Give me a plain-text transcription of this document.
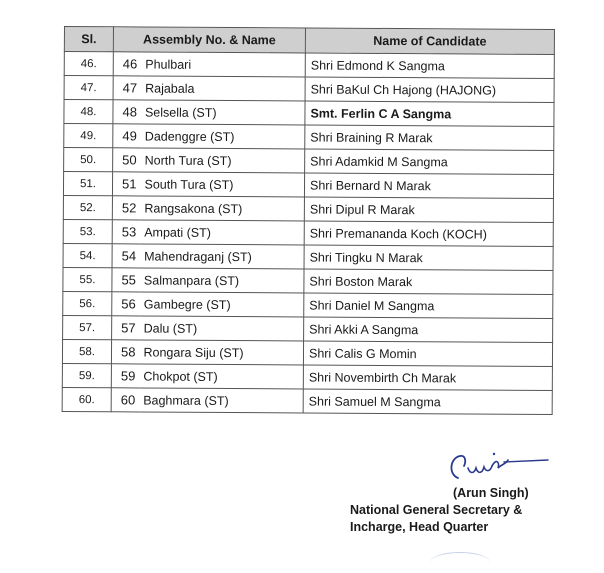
Sl.	Assembly No. & Name		Name of Candidate
46.	46	Phulbari	Shri Edmond K Sangma
47.	47	Rajabala	Shri BaKul Ch Hajong (HAJONG)
48.	48	Selsella (ST)	Smt. Ferlin C A Sangma
49.	49	Dadenggre (ST)	Shri Braining R Marak
50.	50	North Tura (ST)	Shri Adamkid M Sangma
51.	51	South Tura (ST)	Shri Bernard N Marak
52.	52	Rangsakona (ST)	Shri Dipul R Marak
53.	53	Ampati (ST)	Shri Premananda Koch (KOCH)
54.	54	Mahendraganj (ST)	Shri Tingku N Marak
55.	55	Salmanpara (ST)	Shri Boston Marak
56.	56	Gambegre (ST)	Shri Daniel M Sangma
57.	57	Dalu (ST)	Shri Akki A Sangma
58.	58	Rongara Siju (ST)	Shri Calis G Momin
59.	59	Chokpot (ST)	Shri Novembirth Ch Marak
60.	60	Baghmara (ST)	Shri Samuel M Sangma
(Arun Singh)
National General Secretary &
Incharge, Head Quarter
